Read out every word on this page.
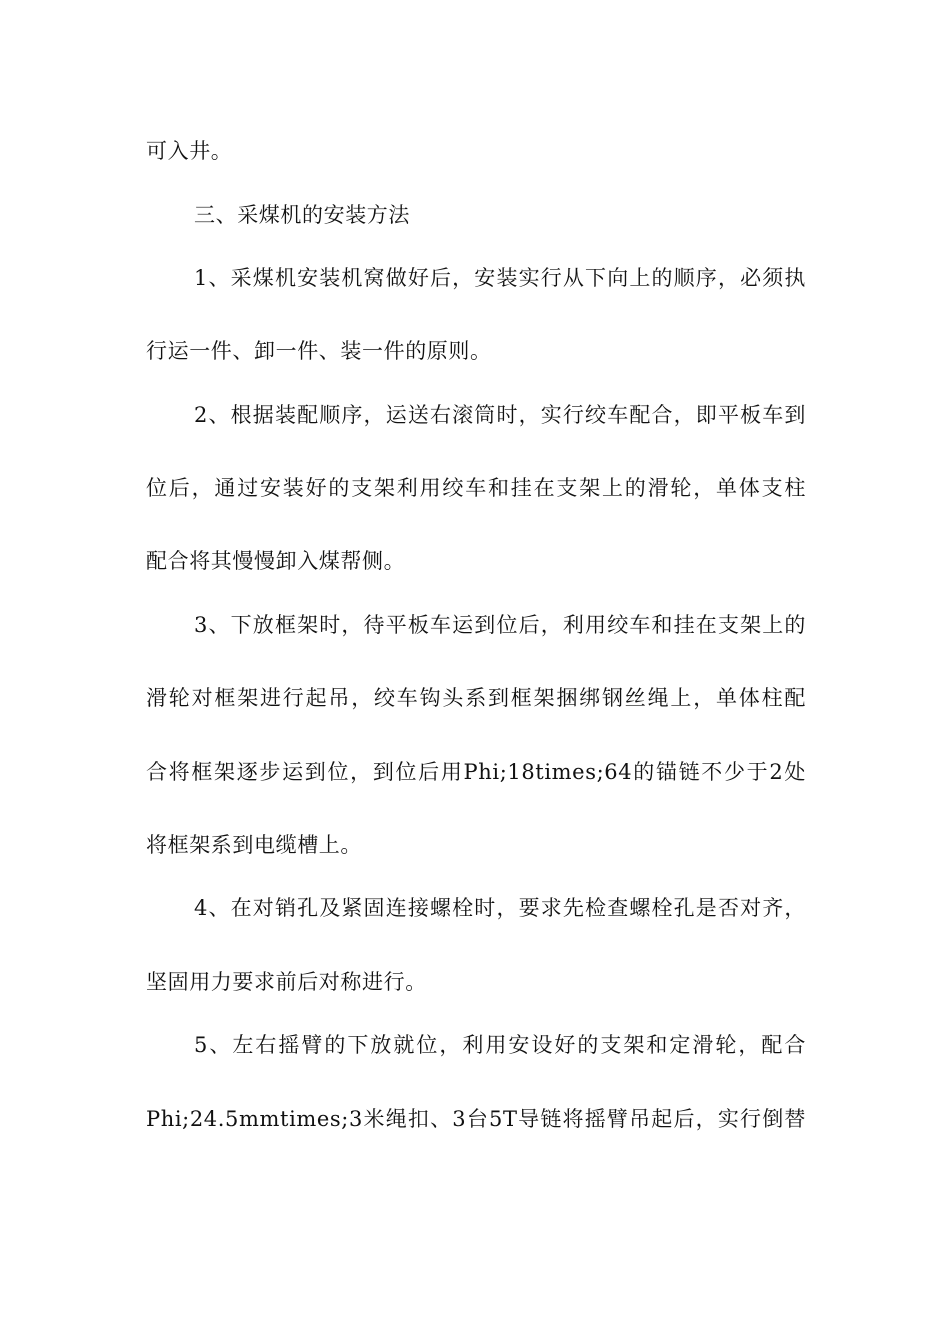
可入井。
三、采煤机的安装方法
1、采煤机安装机窝做好后，安装实行从下向上的顺序，必须执
行运一件、卸一件、装一件的原则。
2、根据装配顺序，运送右滚筒时，实行绞车配合，即平板车到
位后，通过安装好的支架利用绞车和挂在支架上的滑轮，单体支柱
配合将其慢慢卸入煤帮侧。
3、下放框架时，待平板车运到位后，利用绞车和挂在支架上的
滑轮对框架进行起吊，绞车钩头系到框架捆绑钢丝绳上，单体柱配
合将框架逐步运到位，到位后用Phi;18times;64的锚链不少于2处
将框架系到电缆槽上。
4、在对销孔及紧固连接螺栓时，要求先检查螺栓孔是否对齐，
坚固用力要求前后对称进行。
5、左右摇臂的下放就位，利用安设好的支架和定滑轮，配合
Phi;24.5mmtimes;3米绳扣、3台5T导链将摇臂吊起后，实行倒替
